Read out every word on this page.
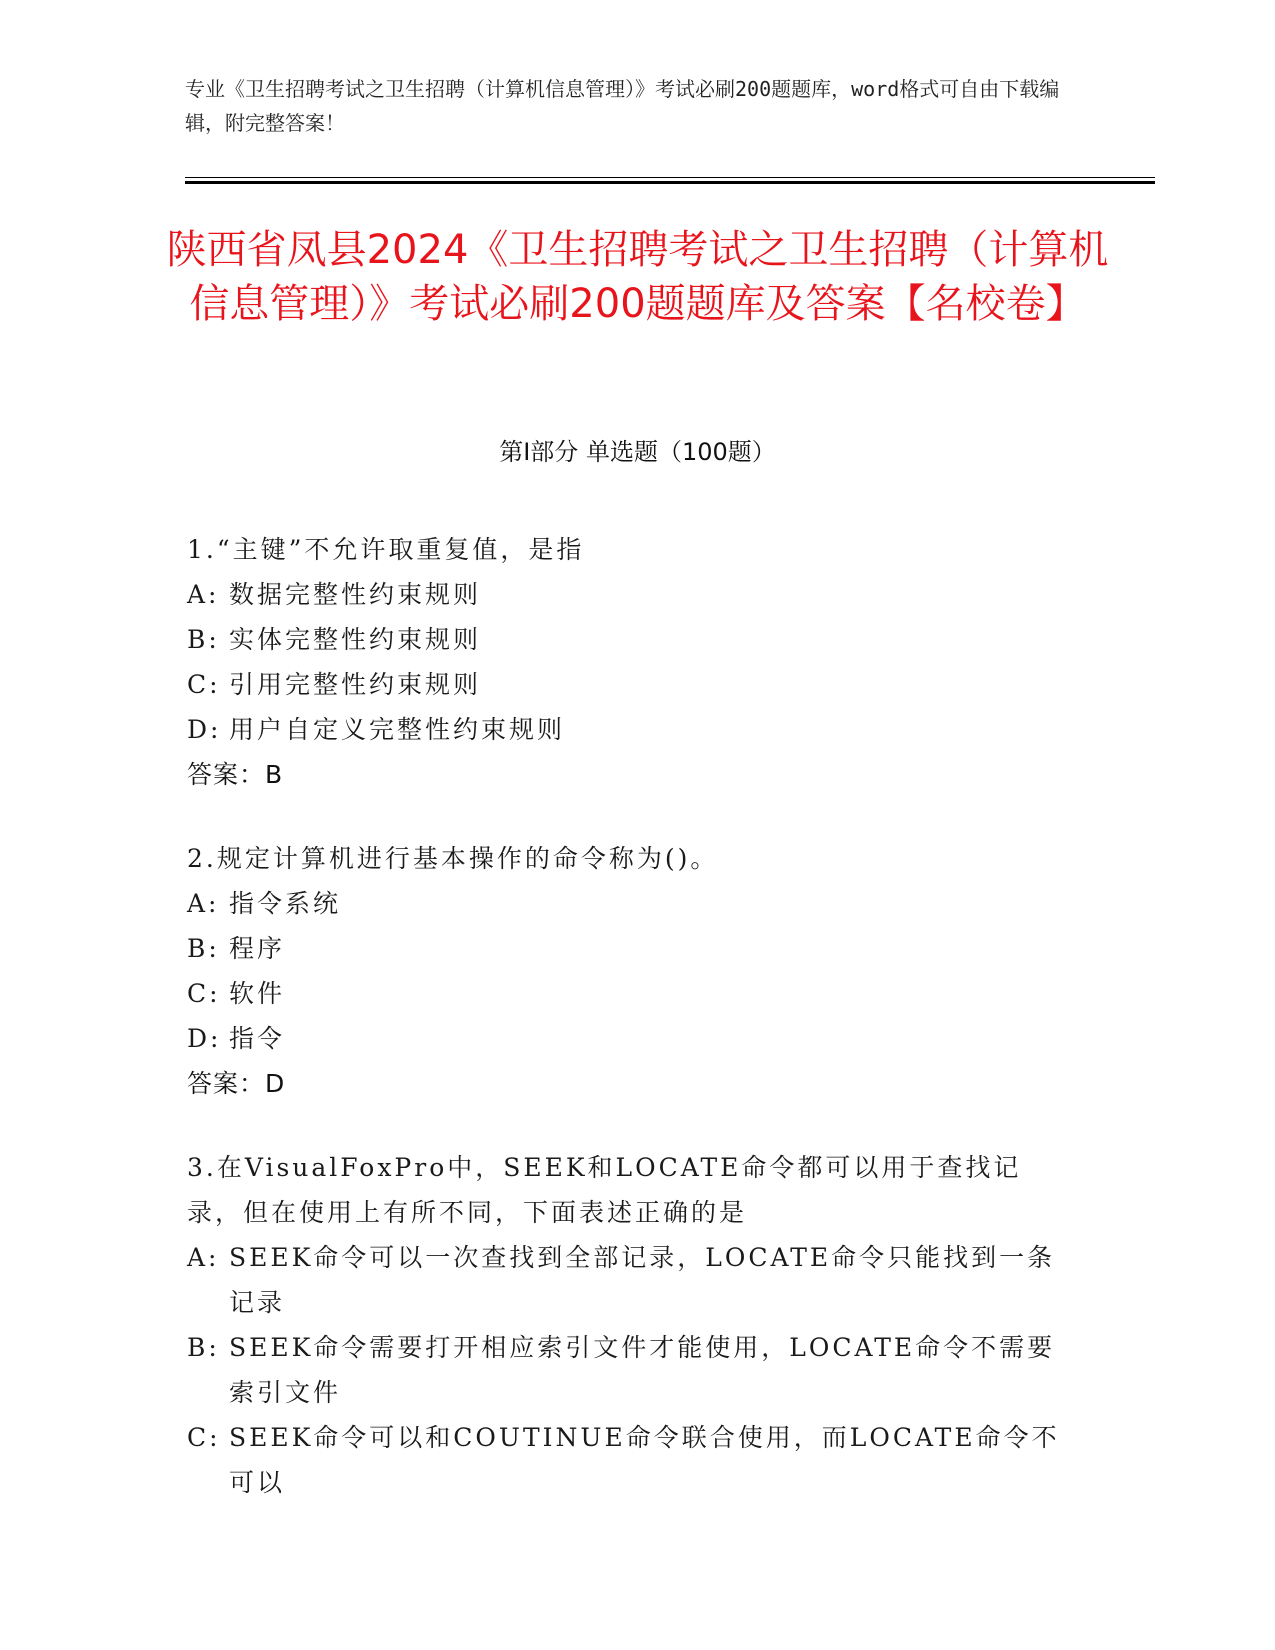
专业《卫生招聘考试之卫生招聘（计算机信息管理）》考试必刷200题题库，word格式可自由下载编辑，附完整答案！
陕西省凤县2024《卫生招聘考试之卫生招聘（计算机信息管理）》考试必刷200题题库及答案【名校卷】
第Ⅰ部分 单选题（100题）
1.“主键”不允许取重复值，是指
A: 数据完整性约束规则
B: 实体完整性约束规则
C: 引用完整性约束规则
D: 用户自定义完整性约束规则
答案：B
2.规定计算机进行基本操作的命令称为()。
A: 指令系统
B: 程序
C: 软件
D: 指令
答案：D
3.在VisualFoxPro中，SEEK和LOCATE命令都可以用于查找记录，但在使用上有所不同，下面表述正确的是
A: SEEK命令可以一次查找到全部记录，LOCATE命令只能找到一条记录
B: SEEK命令需要打开相应索引文件才能使用，LOCATE命令不需要索引文件
C: SEEK命令可以和COUTINUE命令联合使用，而LOCATE命令不可以
